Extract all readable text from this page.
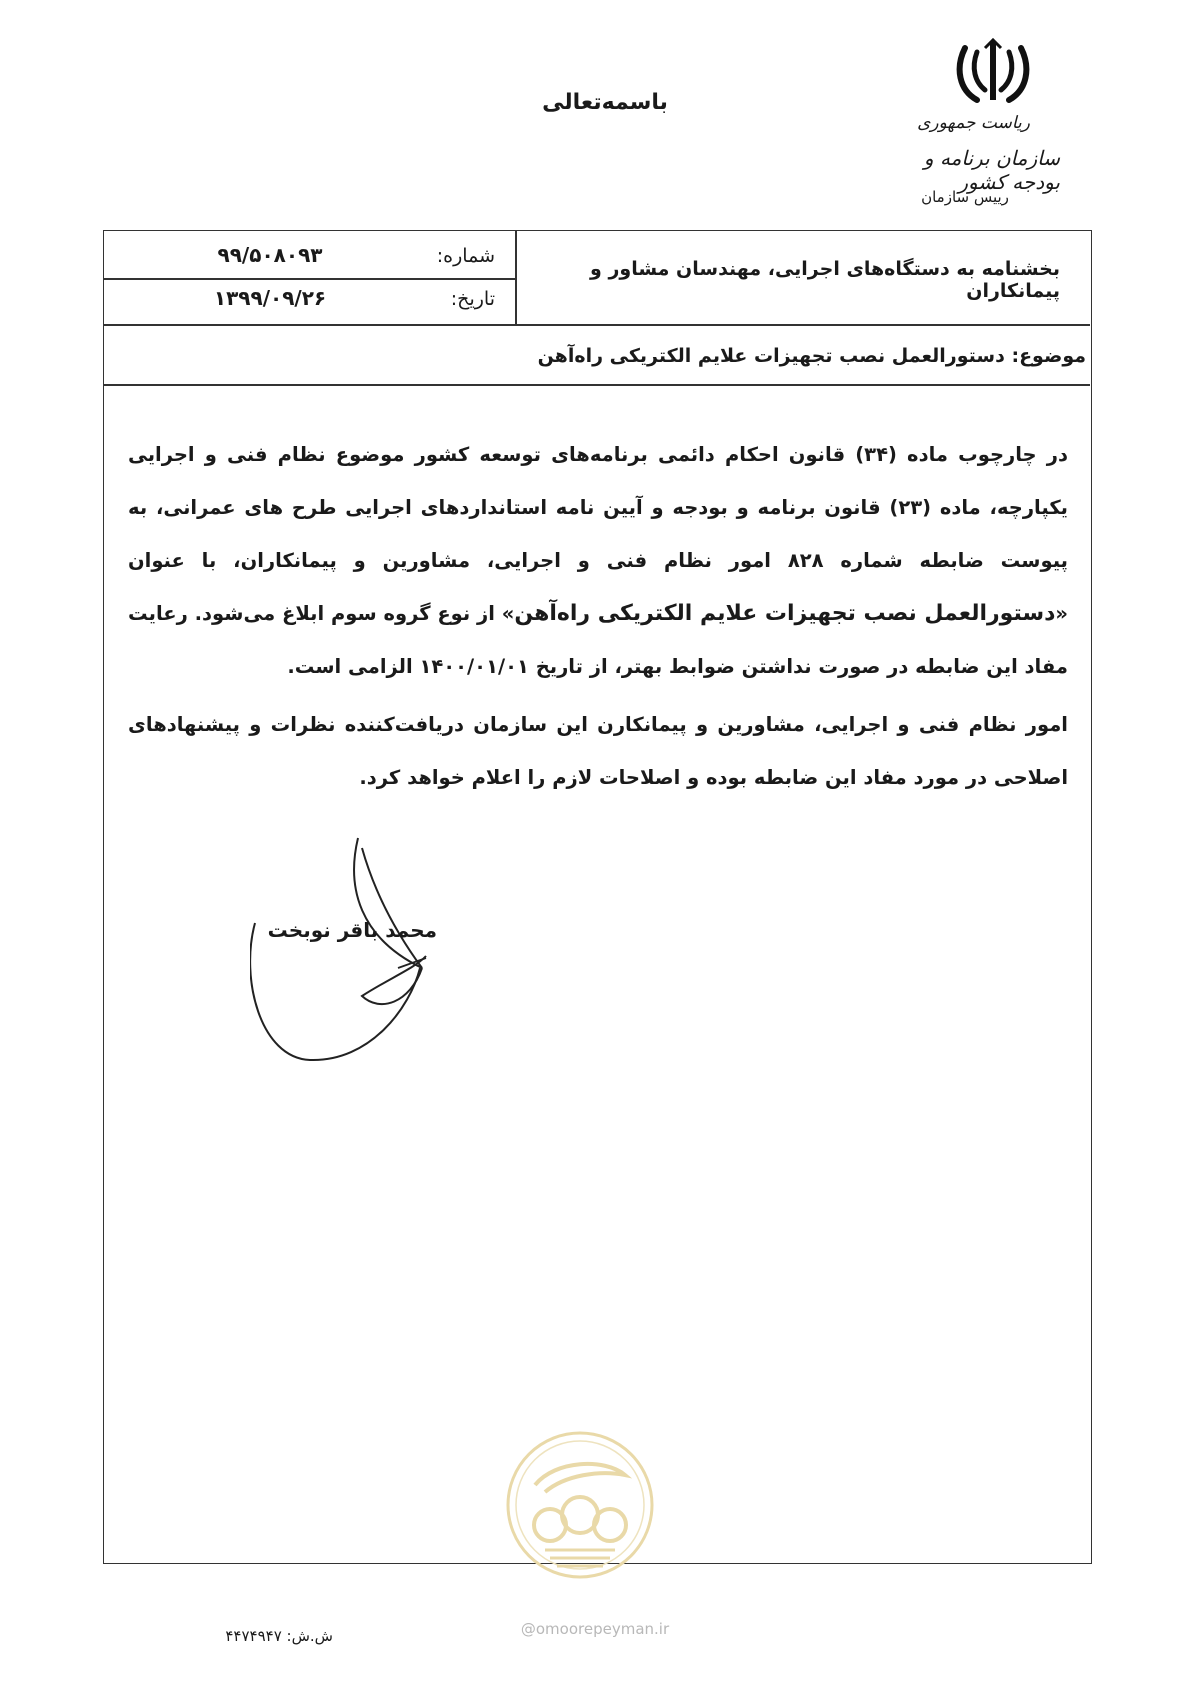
باسمه‌تعالی
ریاست جمهوری
سازمان برنامه و بودجه کشور
رییس سازمان
بخشنامه به دستگاه‌های اجرایی، مهندسان مشاور و پیمانکاران
شماره:
۹۹/۵۰۸۰۹۳
تاریخ:
۱۳۹۹/۰۹/۲۶
موضوع: دستورالعمل نصب تجهیزات علایم الکتریکی راه‌آهن
در چارچوب ماده (۳۴) قانون احکام دائمی برنامه‌های توسعه کشور موضوع نظام فنی و اجرایی یکپارچه، ماده (۲۳) قانون برنامه و بودجه و آیین نامه استانداردهای اجرایی طرح های عمرانی، به پیوست ضابطه شماره ۸۲۸ امور نظام فنی و اجرایی، مشاورین و پیمانکاران، با عنوان «دستورالعمل نصب تجهیزات علایم الکتریکی راه‌آهن» از نوع گروه سوم ابلاغ می‌شود. رعایت مفاد این ضابطه در صورت نداشتن ضوابط بهتر، از تاریخ ۱۴۰۰/۰۱/۰۱ الزامی است.
امور نظام فنی و اجرایی، مشاورین و پیمانکارن این سازمان دریافت‌کننده نظرات و پیشنهادهای اصلاحی در مورد مفاد این ضابطه بوده و اصلاحات لازم را اعلام خواهد کرد.
محمد باقر نوبخت
@omoorepeyman.ir
ش.ش: ۴۴۷۴۹۴۷
